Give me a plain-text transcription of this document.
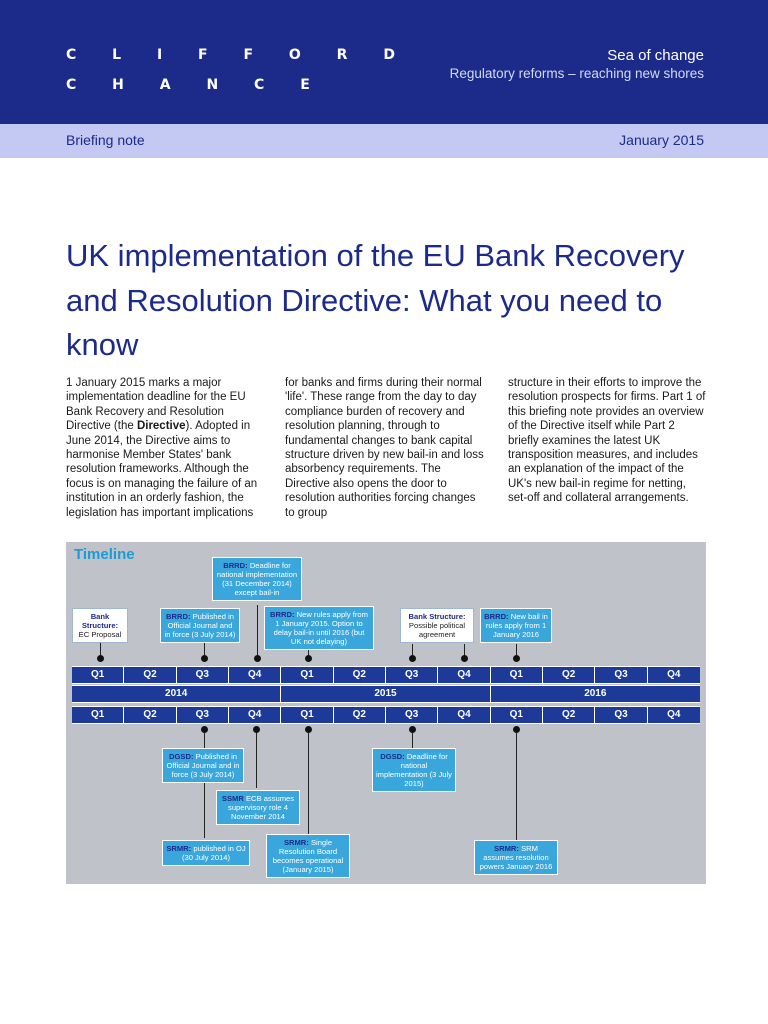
C L I F F O R D
C H A N C E
Sea of change
Regulatory reforms – reaching new shores
Briefing note	January 2015
UK implementation of the EU Bank Recovery and Resolution Directive: What you need to know
1 January 2015 marks a major implementation deadline for the EU Bank Recovery and Resolution Directive (the Directive). Adopted in June 2014, the Directive aims to harmonise Member States' bank resolution frameworks. Although the focus is on managing the failure of an institution in an orderly fashion, the legislation has important implications
for banks and firms during their normal 'life'. These range from the day to day compliance burden of recovery and resolution planning, through to fundamental changes to bank capital structure driven by new bail-in and loss absorbency requirements. The Directive also opens the door to resolution authorities forcing changes to group
structure in their efforts to improve the resolution prospects for firms. Part 1 of this briefing note provides an overview of the Directive itself while Part 2 briefly examines the latest UK transposition measures, and includes an explanation of the impact of the UK's new bail-in regime for netting, set-off and collateral arrangements.
Timeline
Bank Structure: EC Proposal
BRRD: Published in Official Journal and in force (3 July 2014)
BRRD: Deadline for national implementation (31 December 2014) except bail-in
BRRD: New rules apply from 1 January 2015. Option to delay bail-in until 2016 (but UK not delaying)
Bank Structure: Possible political agreement
BRRD: New bail in rules apply from 1 January 2016
Q1	Q2	Q3	Q4	Q1	Q2	Q3	Q4	Q1	Q2	Q3	Q4
2014	2015	2016
Q1	Q2	Q3	Q4	Q1	Q2	Q3	Q4	Q1	Q2	Q3	Q4
DGSD: Published in Official Journal and in force (3 July 2014)
SSMR ECB assumes supervisory role 4 November 2014
SRMR: published in OJ (30 July 2014)
SRMR: Single Resolution Board becomes operational (January 2015)
DGSD: Deadline for national implementation (3 July 2015)
SRMR: SRM assumes resolution powers January 2016
